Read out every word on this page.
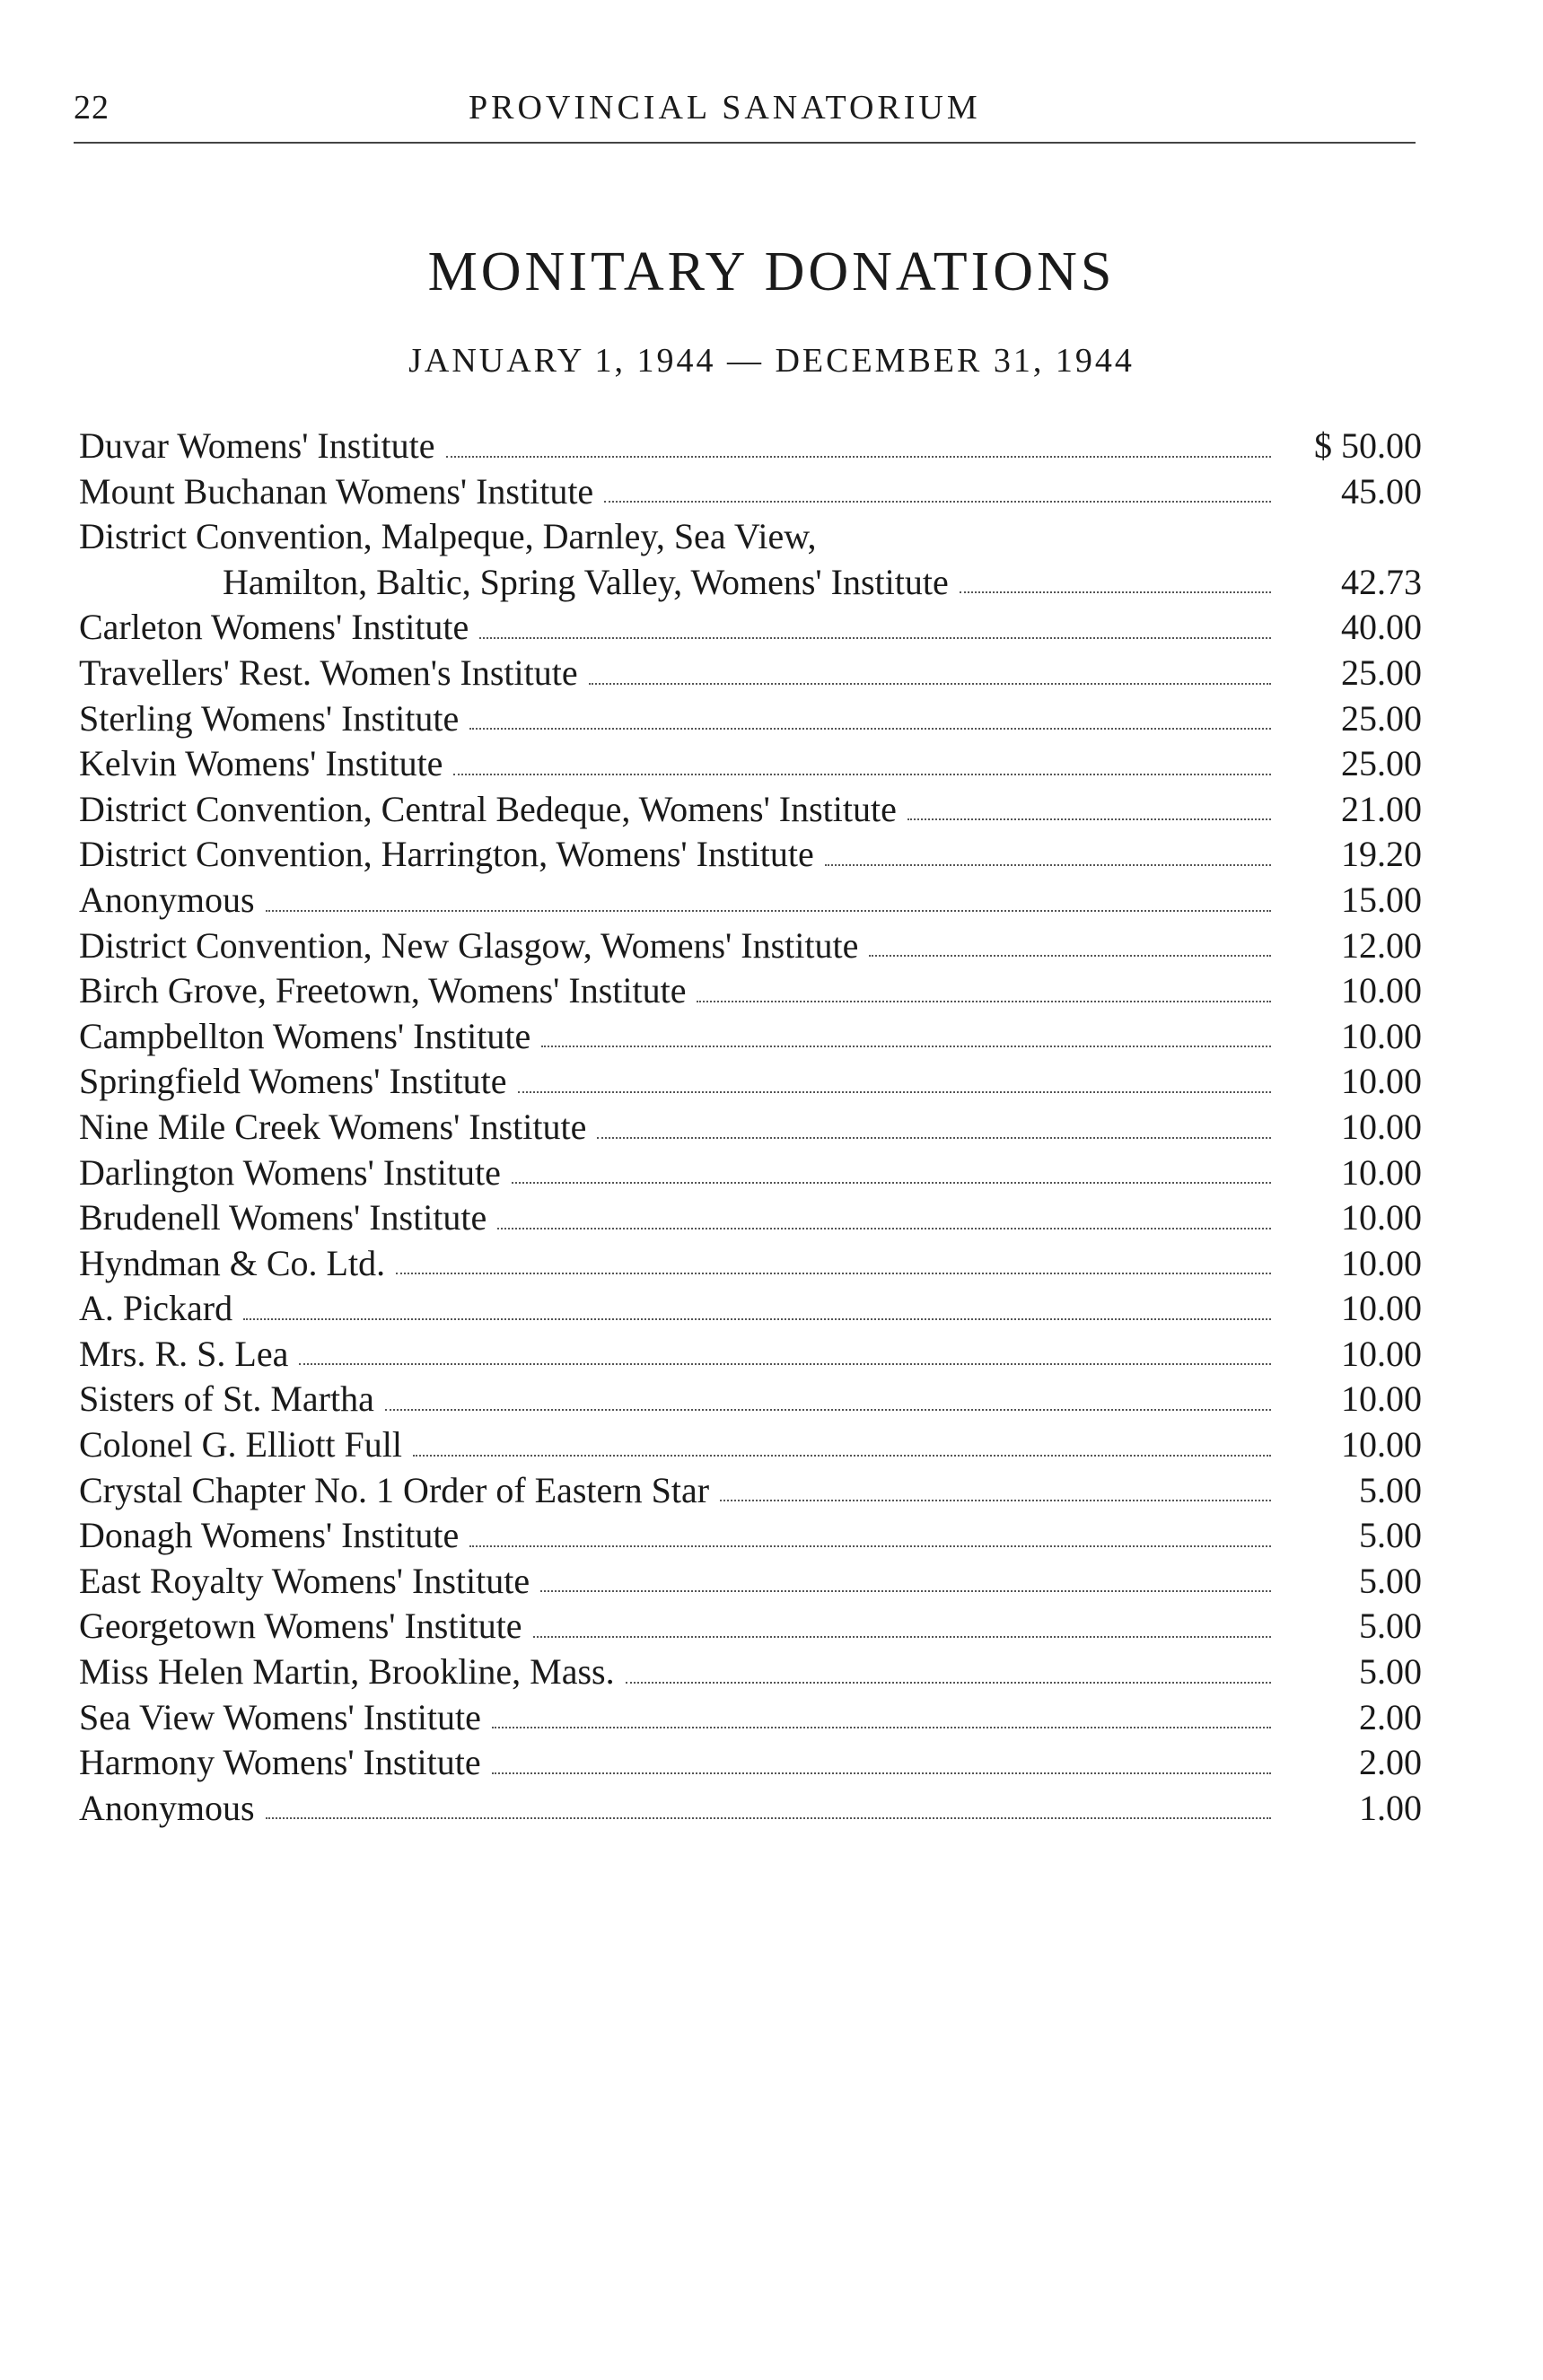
22	PROVINCIAL SANATORIUM
MONITARY DONATIONS
JANUARY 1, 1944 — DECEMBER 31, 1944
Duvar Womens' Institute	$ 50.00
Mount Buchanan Womens' Institute	45.00
District Convention, Malpeque, Darnley, Sea View,
Hamilton, Baltic, Spring Valley, Womens' Institute	42.73
Carleton Womens' Institute	40.00
Travellers' Rest. Women's Institute	25.00
Sterling Womens' Institute	25.00
Kelvin Womens' Institute	25.00
District Convention, Central Bedeque, Womens' Institute	21.00
District Convention, Harrington, Womens' Institute	19.20
Anonymous	15.00
District Convention, New Glasgow, Womens' Institute	12.00
Birch Grove, Freetown, Womens' Institute	10.00
Campbellton Womens' Institute	10.00
Springfield Womens' Institute	10.00
Nine Mile Creek Womens' Institute	10.00
Darlington Womens' Institute	10.00
Brudenell Womens' Institute	10.00
Hyndman & Co. Ltd.	10.00
A. Pickard	10.00
Mrs. R. S. Lea	10.00
Sisters of St. Martha	10.00
Colonel G. Elliott Full	10.00
Crystal Chapter No. 1 Order of Eastern Star	5.00
Donagh Womens' Institute	5.00
East Royalty Womens' Institute	5.00
Georgetown Womens' Institute	5.00
Miss Helen Martin, Brookline, Mass.	5.00
Sea View Womens' Institute	2.00
Harmony Womens' Institute	2.00
Anonymous	1.00
